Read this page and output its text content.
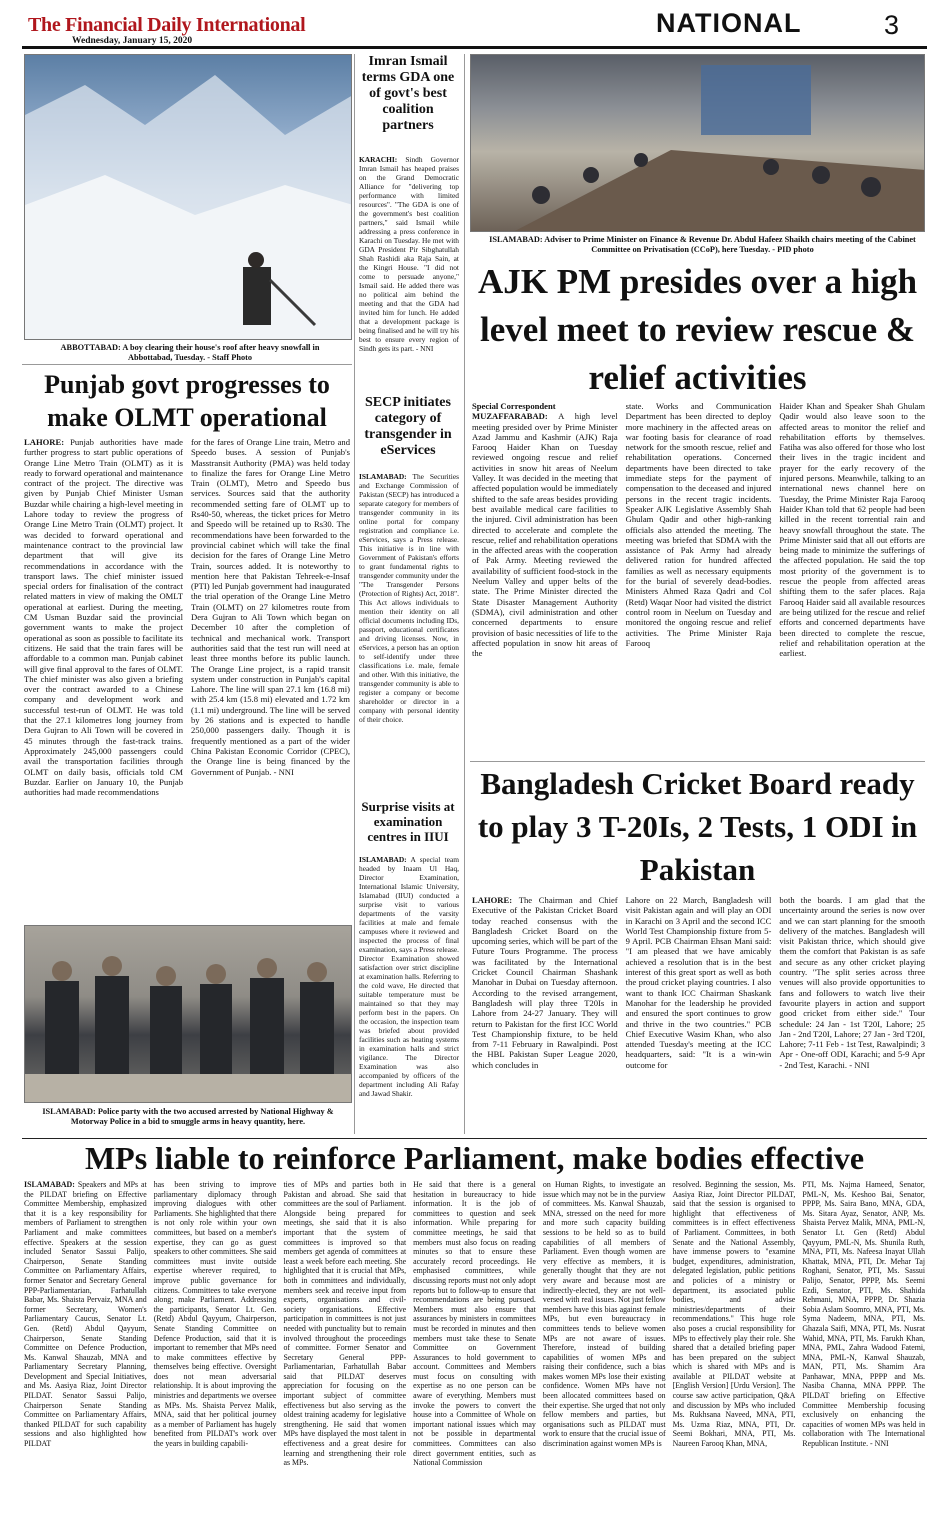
The Financial Daily International
Wednesday, January 15, 2020
NATIONAL	3
ABBOTTABAD: A boy clearing their house's roof after heavy snowfall in Abbottabad, Tuesday. - Staff Photo
Imran Ismail terms GDA one of govt's best coalition partners
KARACHI: Sindh Governor Imran Ismail has heaped praises on the Grand Democratic Alliance for "delivering top performance with limited resources". "The GDA is one of the government's best coalition partners," said Ismail while addressing a press conference in Karachi on Tuesday. He met with GDA President Pir Sibghatullah Shah Rashidi aka Raja Sain, at the Kingri House. "I did not come to persuade anyone," Ismail said. He added there was no political aim behind the meeting and that the GDA had invited him for lunch. He added that a development package is being finalised and he will try his best to ensure every region of Sindh gets its part. - NNI
ISLAMABAD: Adviser to Prime Minister on Finance & Revenue Dr. Abdul Hafeez Shaikh chairs meeting of the Cabinet Committee on Privatisation (CCoP), here Tuesday. - PID photo
AJK PM presides over a high level meet to review rescue & relief activities
Punjab govt progresses to make OLMT operational
LAHORE: Punjab authorities have made further progress to start public operations of Orange Line Metro Train (OLMT) as it is ready to forward operational and maintenance contract of the project. The directive was given by Punjab Chief Minister Usman Buzdar while chairing a high-level meeting in Lahore today to review the progress of Orange Line Metro Train (OLMT) project. It was decided to forward operational and maintenance contract to the provincial law department that will give its recommendations in accordance with the transport laws. The chief minister issued special orders for finalisation of the contract related matters in view of making the OMLT operational at earliest. During the meeting, CM Usman Buzdar said the provincial government wants to make the project operational as soon as possible to facilitate its citizens. He said that the train fares will be affordable to a common man. Punjab cabinet will give final approval to the fares of OLMT. The chief minister was also given a briefing over the contract awarded to a Chinese company and development work and successful test-run of OLMT. He was told that the 27.1 kilometres long journey from Dera Gujran to Ali Town will be covered in 45 minutes through the fast-track trains. Approximately 245,000 passengers could avail the transportation facilities through OLMT on daily basis, officials told CM Buzdar. Earlier on January 10, the Punjab authorities had made recommendations
for the fares of Orange Line train, Metro and Speedo buses. A session of Punjab's Masstransit Authority (PMA) was held today to finalize the fares for Orange Line Metro Train (OLMT), Metro and Speedo bus services. Sources said that the authority recommended setting fare of OLMT up to Rs40-50, whereas, the ticket prices for Metro and Speedo will be retained up to Rs30. The recommendations have been forwarded to the provincial cabinet which will take the final decision for the fares of Orange Line Metro Train, sources added. It is noteworthy to mention here that Pakistan Tehreek-e-Insaf (PTI) led Punjab government had inaugurated the trial operation of the Orange Line Metro Train (OLMT) on 27 kilometres route from Dera Gujran to Ali Town which began on December 10 after the completion of technical and mechanical work. Transport authorities said that the test run will need at least three months before its public launch. The Orange Line project, is a rapid transit system under construction in Punjab's capital Lahore. The line will span 27.1 km (16.8 mi) with 25.4 km (15.8 mi) elevated and 1.72 km (1.1 mi) underground. The line will be served by 26 stations and is expected to handle 250,000 passengers daily. Though it is frequently mentioned as a part of the wider China Pakistan Economic Corridor (CPEC), the Orange line is being financed by the Government of Punjab. - NNI
SECP initiates category of transgender in eServices
ISLAMABAD: The Securities and Exchange Commission of Pakistan (SECP) has introduced a separate category for members of transgender community in its online portal for company registration and compliance i.e. eServices, says a Press release. This initiative is in line with Government of Pakistan's efforts to grant fundamental rights to transgender community under the "The Transgender Persons (Protection of Rights) Act, 2018". This Act allows individuals to mention their identity on all official documents including IDs, passport, educational certificates and driving licenses. Now, in eServices, a person has an option to self-identify under three classifications i.e. male, female and other. With this initiative, the transgender community is able to register a company or become shareholder or director in a company with personal identity of their choice.
Surprise visits at examination centres in IIUI
ISLAMABAD: A special team headed by Inaam Ul Haq, Director Examination, International Islamic University, Islamabad (IIUI) conducted a surprise visit to various departments of the varsity facilities at male and female campuses where it reviewed and inspected the process of final examination, says a Press release. Director Examination showed satisfaction over strict discipline at examination halls. Referring to the cold wave, He directed that suitable temperature must be maintained so that they may perform best in the papers. On the occasion, the inspection team was briefed about provided facilities such as heating systems in examination halls and strict vigilance. The Director Examination was also accompanied by officers of the department including Ali Rafay and Jawad Shakir.
Special Correspondent
MUZAFFARABAD: A high level meeting presided over by Prime Minister Azad Jammu and Kashmir (AJK) Raja Farooq Haider Khan on Tuesday reviewed ongoing rescue and relief activities in snow hit areas of Neelum Valley. It was decided in the meeting that affected population would be immediately shifted to the safe areas besides providing best available medical care facilities to the injured. Civil administration has been directed to accelerate and complete the rescue, relief and rehabilitation operations in the affected areas with the cooperation of Pak Army. Meeting reviewed the availability of sufficient food-stock in the Neelum Valley and upper belts of the state. The Prime Minister directed the State Disaster Management Authority (SDMA), civil administration and other concerned departments to ensure provision of basic necessities of life to the affected population in snow hit areas of the
state. Works and Communication Department has been directed to deploy more machinery in the affected areas on war footing basis for clearance of road network for the smooth rescue, relief and rehabilitation operations. Concerned departments have been directed to take immediate steps for the payment of compensation to the deceased and injured persons in the recent tragic incidents. Speaker AJK Legislative Assembly Shah Ghulam Qadir and other high-ranking officials also attended the meeting. The meeting was briefed that SDMA with the assistance of Pak Army had already delivered ration for hundred affected families as well as necessary equipments for the burial of severely dead-bodies. Ministers Ahmed Raza Qadri and Col (Retd) Waqar Noor had visited the district control room in Neelum on Tuesday and monitored the ongoing rescue and relief activities. The Prime Minister Raja Farooq
Haider Khan and Speaker Shah Ghulam Qadir would also leave soon to the affected areas to monitor the relief and rehabilitation efforts by themselves. Fatiha was also offered for those who lost their lives in the tragic incident and prayer for the early recovery of the injured persons. Meanwhile, talking to an international news channel here on Tuesday, the Prime Minister Raja Farooq Haider Khan told that 62 people had been killed in the recent torrential rain and heavy snowfall throughout the state. The Prime Minister said that all out efforts are being made to minimize the sufferings of the affected population. He said the top most priority of the government is to rescue the people from affected areas shifting them to the safer places. Raja Farooq Haider said all available resources are being utilized for the rescue and relief efforts and concerned departments have been directed to complete the rescue, relief and rehabilitation operation at the earliest.
Bangladesh Cricket Board ready to play 3 T-20Is, 2 Tests, 1 ODI in Pakistan
LAHORE: The Chairman and Chief Executive of the Pakistan Cricket Board today reached consensus with the Bangladesh Cricket Board on the upcoming series, which will be part of the Future Tours Programme. The process was facilitated by the International Cricket Council Chairman Shashank Manohar in Dubai on Tuesday afternoon. According to the revised arrangement, Bangladesh will play three T20Is in Lahore from 24-27 January. They will return to Pakistan for the first ICC World Test Championship fixture, to be held from 7-11 February in Rawalpindi. Post the HBL Pakistan Super League 2020, which concludes in
Lahore on 22 March, Bangladesh will visit Pakistan again and will play an ODI in Karachi on 3 April and the second ICC World Test Championship fixture from 5-9 April. PCB Chairman Ehsan Mani said: "I am pleased that we have amicably achieved a resolution that is in the best interest of this great sport as well as both the proud cricket playing countries. I also want to thank ICC Chairman Shaskank Manohar for the leadership he provided and ensured the sport continues to grow and thrive in the two countries." PCB Chief Executive Wasim Khan, who also attended Tuesday's meeting at the ICC headquarters, said: "It is a win-win outcome for
both the boards. I am glad that the uncertainty around the series is now over and we can start planning for the smooth delivery of the matches. Bangladesh will visit Pakistan thrice, which should give them the comfort that Pakistan is as safe and secure as any other cricket playing country. "The split series across three venues will also provide opportunities to fans and followers to watch live their favourite players in action and support good cricket from either side." Tour schedule: 24 Jan - 1st T20I, Lahore; 25 Jan - 2nd T20I, Lahore; 27 Jan - 3rd T20I, Lahore; 7-11 Feb - 1st Test, Rawalpindi; 3 Apr - One-off ODI, Karachi; and 5-9 Apr - 2nd Test, Karachi. - NNI
ISLAMABAD: Police party with the two accused arrested by National Highway & Motorway Police in a bid to smuggle arms in heavy quantity, here.
MPs liable to reinforce Parliament, make bodies effective
ISLAMABAD: Speakers and MPs at the PILDAT briefing on Effective Committee Membership, emphasized that it is a key responsibility for members of Parliament to strengthen Parliament and make committees effective. Speakers at the session included Senator Sassui Palijo, Chairperson, Senate Standing Committee on Parliamentary Affairs, former Senator and Secretary General PPP-Parliamentarian, Farhatullah Babar, Ms. Shaista Pervaiz, MNA and former Secretary, Women's Parliamentary Caucus, Senator Lt. Gen. (Retd) Abdul Qayyum, Chairperson, Senate Standing Committee on Defence Production, Ms. Kanwal Shauzab, MNA and Parliamentary Secretary Planning, Development and Special Initiatives, and Ms. Aasiya Riaz, Joint Director PILDAT. Senator Sassui Palijo, Chairperson Senate Standing Committee on Parliamentary Affairs, thanked PILDAT for such capability sessions and also highlighted how PILDAT
has been striving to improve parliamentary diplomacy through improving dialogues with other Parliaments. She highlighted that there is not only role within your own committees, but based on a member's expertise, they can go as guest speakers to other committees. She said committees must invite outside expertise wherever required, to improve public governance for citizens. Committees to take everyone along; make Parliament. Addressing the participants, Senator Lt. Gen. (Retd) Abdul Qayyum, Chairperson, Senate Standing Committee on Defence Production, said that it is important to remember that MPs need to make committees effective by themselves being effective. Oversight does not mean adversarial relationship. It is about improving the ministries and departments we oversee as MPs. Ms. Shaista Pervez Malik, MNA, said that her political journey as a member of Parliament has hugely benefited from PILDAT's work over the years in building capabili-
ties of MPs and parties both in Pakistan and abroad. She said that committees are the soul of Parliament. Alongside being prepared for meetings, she said that it is also important that the system of committees is improved so that members get agenda of committees at least a week before each meeting. She highlighted that it is crucial that MPs, both in committees and individually, members seek and receive input from experts, organisations and civil-society organisations. Effective participation in committees is not just needed with punctuality but to remain involved throughout the proceedings of committee. Former Senator and Secretary General PPP-Parliamentarian, Farhatullah Babar said that PILDAT deserves appreciation for focusing on the important subject of committee effectiveness but also serving as the oldest training academy for legislative strengthening. He said that women MPs have displayed the most talent in effectiveness and a great desire for learning and strengthening their role as MPs.
He said that there is a general hesitation in bureaucracy to hide information. It is the job of committees to question and seek information. While preparing for committee meetings, he said that members must also focus on reading minutes so that to ensure these accurately record proceedings. He emphasised committees, while discussing reports must not only adopt reports but to follow-up to ensure that recommendations are being pursued. Members must also ensure that assurances by ministers in committees must be recorded in minutes and then members must take these to Senate Committee on Government Assurances to hold government to account. Committees and Members must focus on consulting with expertise as no one person can be aware of everything. Members must invoke the powers to convert the house into a Committee of Whole on important national issues which may not be possible in departmental committees. Committees can also direct government entities, such as National Commission
on Human Rights, to investigate an issue which may not be in the purview of committees. Ms. Kanwal Shauzab, MNA, stressed on the need for more and more such capacity building sessions to be held so as to build capabilities of all members of Parliament. Even though women are very effective as members, it is generally thought that they are not very aware and because most are indirectly-elected, they are not well-versed with real issues. Not just fellow members have this bias against female MPs, but even bureaucracy in committees tends to believe women MPs are not aware of issues. Therefore, instead of building capabilities of women MPs and raising their confidence, such a bias makes women MPs lose their existing confidence. Women MPs have not been allocated committees based on their expertise. She urged that not only fellow members and parties, but organisations such as PILDAT must work to ensure that the crucial issue of discrimination against women MPs is
resolved. Beginning the session, Ms. Aasiya Riaz, Joint Director PILDAT, said that the session is organised to highlight that effectiveness of committees is in effect effectiveness of Parliament. Committees, in both Senate and the National Assembly, have immense powers to "examine budget, expenditures, administration, delegated legislation, public petitions and policies of a ministry or department, its associated public bodies, and advise ministries/departments of their recommendations." This huge role also poses a crucial responsibility for MPs to effectively play their role. She shared that a detailed briefing paper has been prepared on the subject which is shared with MPs and is available at PILDAT website at [English Version] [Urdu Version]. The course saw active participation, Q&A and discussion by MPs who included Ms. Rukhsana Naveed, MNA, PTI, Ms. Uzma Riaz, MNA, PTI, Dr. Seemi Bokhari, MNA, PTI, Ms. Naureen Farooq Khan, MNA,
PTI, Ms. Najma Hameed, Senator, PML-N, Ms. Keshoo Bai, Senator, PPPP, Ms. Saira Bano, MNA, GDA, Ms. Sitara Ayaz, Senator, ANP, Ms. Shaista Pervez Malik, MNA, PML-N, Senator Lt. Gen (Retd) Abdul Qayyum, PML-N, Ms. Shunila Ruth, MNA, PTI, Ms. Nafeesa Inayat Ullah Khattak, MNA, PTI, Dr. Mehar Taj Roghani, Senator, PTI, Ms. Sassui Palijo, Senator, PPPP, Ms. Seemi Ezdi, Senator, PTI, Ms. Shahida Rehmani, MNA, PPPP, Dr. Shazia Sobia Aslam Soomro, MNA, PTI, Ms. Syma Nadeem, MNA, PTI, Ms. Ghazala Saifi, MNA, PTI, Ms. Nusrat Wahid, MNA, PTI, Ms. Farukh Khan, MNA, PML, Zahra Wadood Fatemi, MNA, PML-N, Kanwal Shauzab, MAN, PTI, Ms. Shamim Ara Panhawar, MNA, PPPP and Ms. Nasiba Channa, MNA PPPP. The PILDAT briefing on Effective Committee Membership focusing exclusively on enhancing the capacities of women MPs was held in collaboration with The International Republican Institute. - NNI
